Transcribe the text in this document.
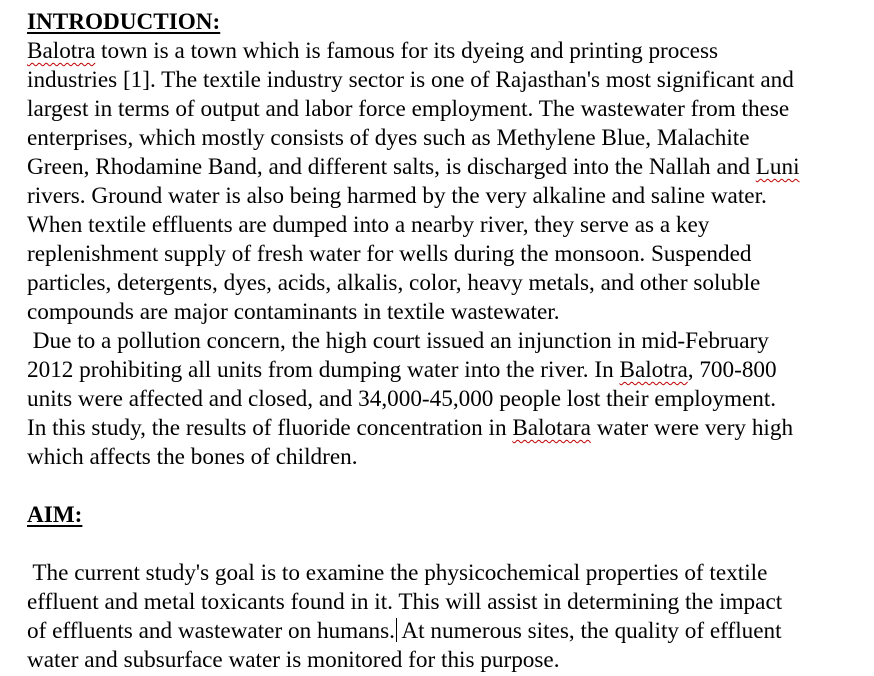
INTRODUCTION:
Balotra town is a town which is famous for its dyeing and printing process
industries [1]. The textile industry sector is one of Rajasthan's most significant and
largest in terms of output and labor force employment. The wastewater from these
enterprises, which mostly consists of dyes such as Methylene Blue, Malachite
Green, Rhodamine Band, and different salts, is discharged into the Nallah and Luni
rivers. Ground water is also being harmed by the very alkaline and saline water.
When textile effluents are dumped into a nearby river, they serve as a key
replenishment supply of fresh water for wells during the monsoon. Suspended
particles, detergents, dyes, acids, alkalis, color, heavy metals, and other soluble
compounds are major contaminants in textile wastewater.
Due to a pollution concern, the high court issued an injunction in mid-February
2012 prohibiting all units from dumping water into the river. In Balotra, 700-800
units were affected and closed, and 34,000-45,000 people lost their employment.
In this study, the results of fluoride concentration in Balotara water were very high
which affects the bones of children.
AIM:
The current study's goal is to examine the physicochemical properties of textile
effluent and metal toxicants found in it. This will assist in determining the impact
of effluents and wastewater on humans. At numerous sites, the quality of effluent
water and subsurface water is monitored for this purpose.
